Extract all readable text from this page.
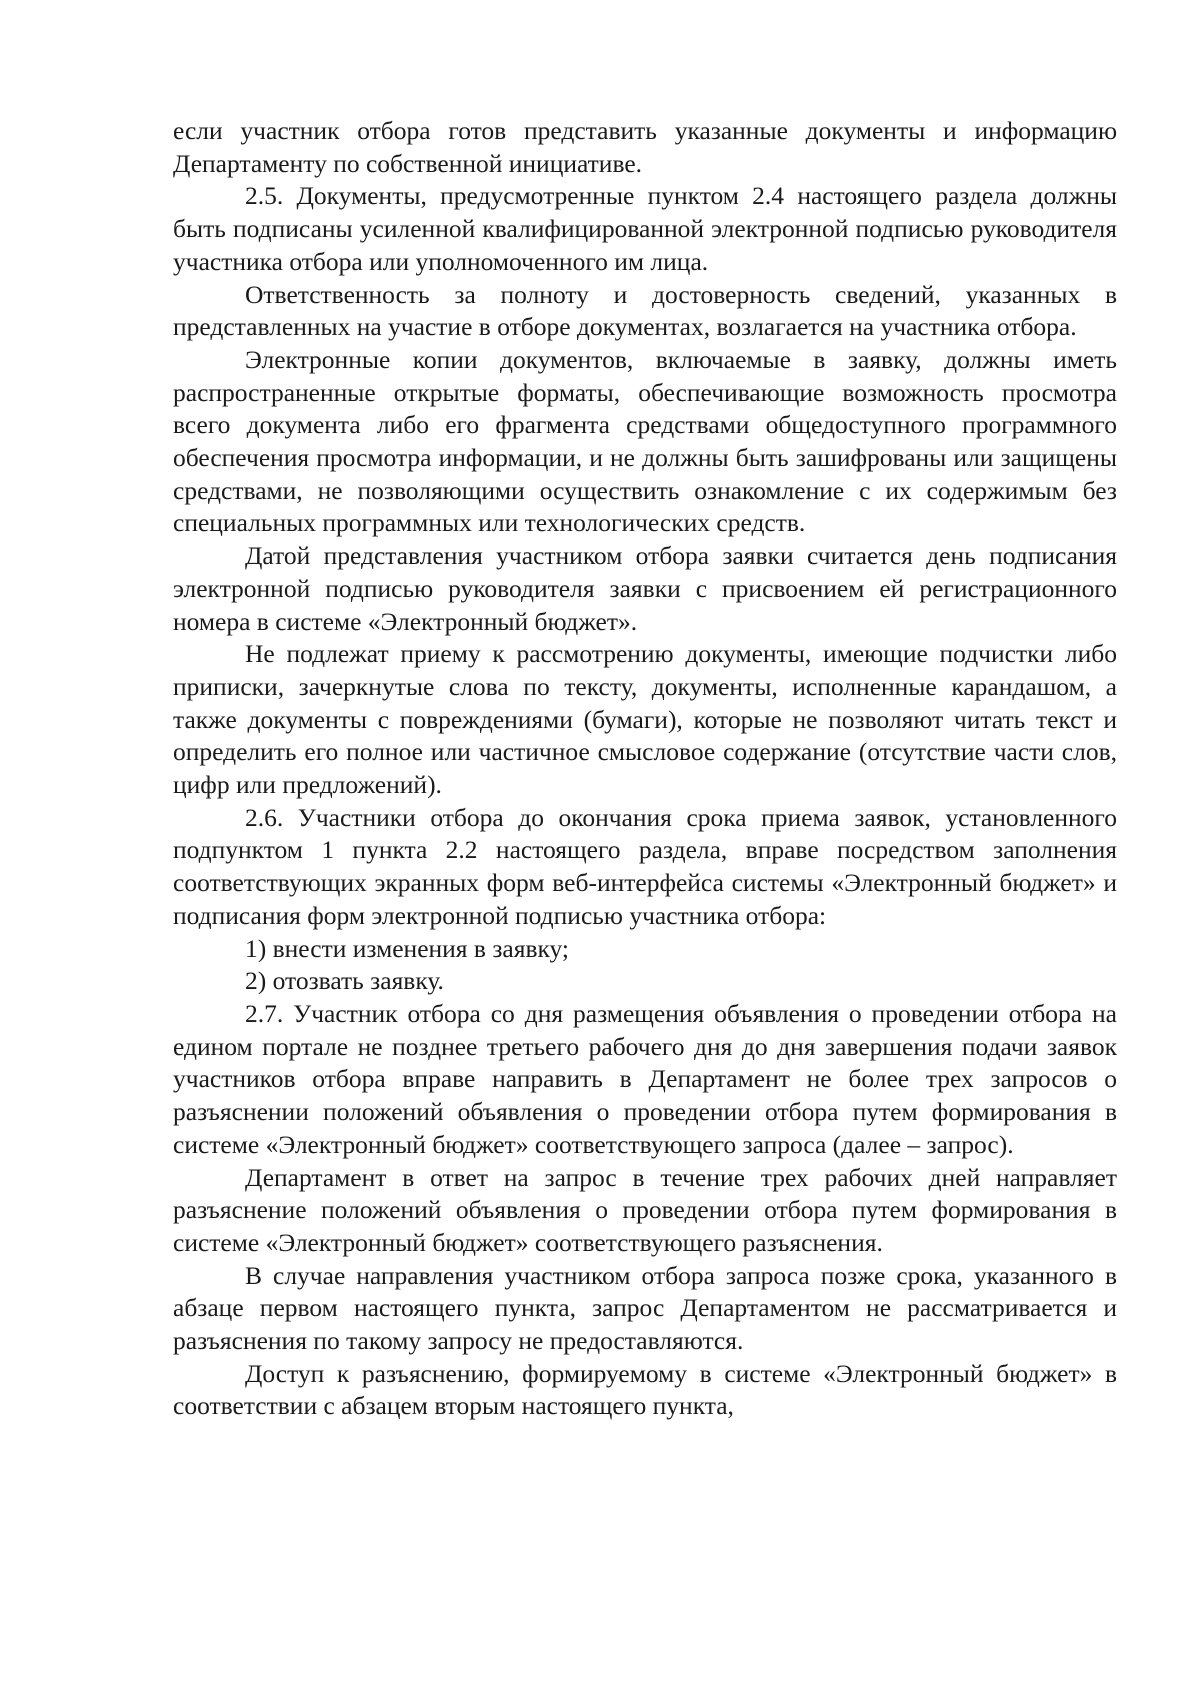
если участник отбора готов представить указанные документы и информацию Департаменту по собственной инициативе.

2.5. Документы, предусмотренные пунктом 2.4 настоящего раздела должны быть подписаны усиленной квалифицированной электронной подписью руководителя участника отбора или уполномоченного им лица.

Ответственность за полноту и достоверность сведений, указанных в представленных на участие в отборе документах, возлагается на участника отбора.

Электронные копии документов, включаемые в заявку, должны иметь распространенные открытые форматы, обеспечивающие возможность просмотра всего документа либо его фрагмента средствами общедоступного программного обеспечения просмотра информации, и не должны быть зашифрованы или защищены средствами, не позволяющими осуществить ознакомление с их содержимым без специальных программных или технологических средств.

Датой представления участником отбора заявки считается день подписания электронной подписью руководителя заявки с присвоением ей регистрационного номера в системе «Электронный бюджет».

Не подлежат приему к рассмотрению документы, имеющие подчистки либо приписки, зачеркнутые слова по тексту, документы, исполненные карандашом, а также документы с повреждениями (бумаги), которые не позволяют читать текст и определить его полное или частичное смысловое содержание (отсутствие части слов, цифр или предложений).

2.6. Участники отбора до окончания срока приема заявок, установленного подпунктом 1 пункта 2.2 настоящего раздела, вправе посредством заполнения соответствующих экранных форм веб-интерфейса системы «Электронный бюджет» и подписания форм электронной подписью участника отбора:

1) внести изменения в заявку;

2) отозвать заявку.

2.7. Участник отбора со дня размещения объявления о проведении отбора на едином портале не позднее третьего рабочего дня до дня завершения подачи заявок участников отбора вправе направить в Департамент не более трех запросов о разъяснении положений объявления о проведении отбора путем формирования в системе «Электронный бюджет» соответствующего запроса (далее – запрос).

Департамент в ответ на запрос в течение трех рабочих дней направляет разъяснение положений объявления о проведении отбора путем формирования в системе «Электронный бюджет» соответствующего разъяснения.

В случае направления участником отбора запроса позже срока, указанного в абзаце первом настоящего пункта, запрос Департаментом не рассматривается и разъяснения по такому запросу не предоставляются.

Доступ к разъяснению, формируемому в системе «Электронный бюджет» в соответствии с абзацем вторым настоящего пункта,
